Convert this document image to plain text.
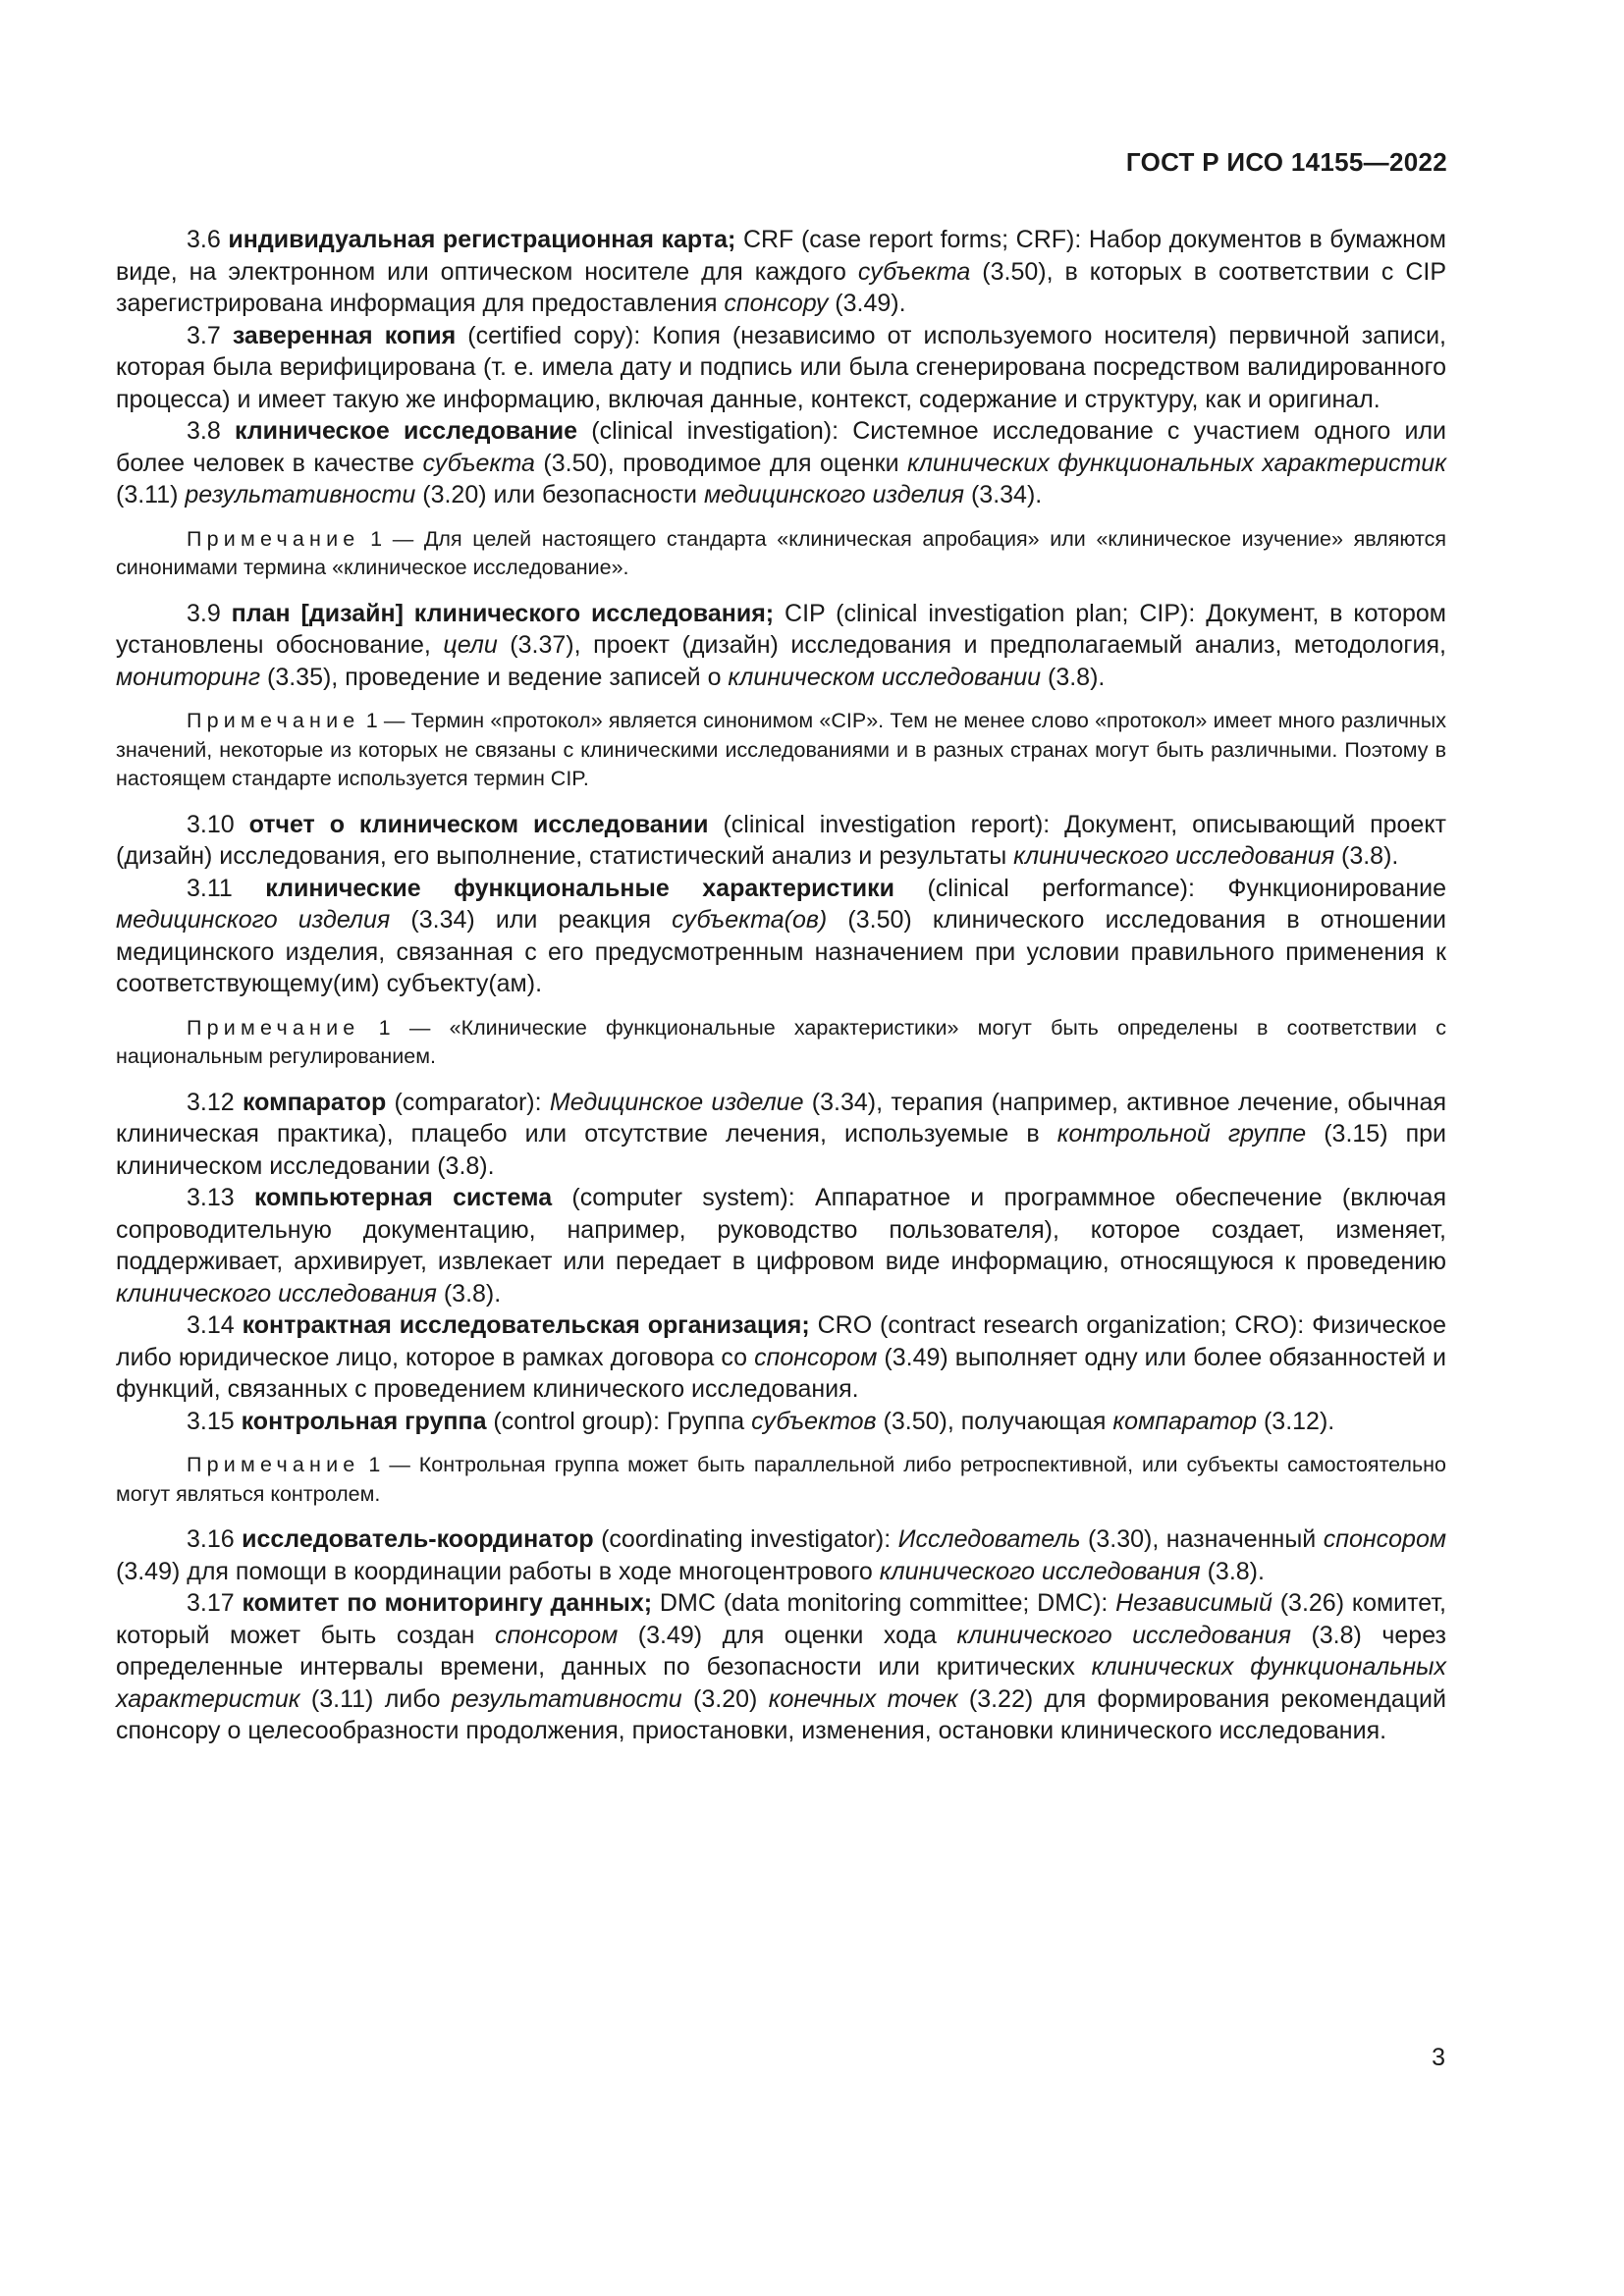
ГОСТ Р ИСО 14155—2022

3.6 индивидуальная регистрационная карта; CRF (case report forms; CRF): Набор документов в бумажном виде, на электронном или оптическом носителе для каждого субъекта (3.50), в которых в соответствии с CIP зарегистрирована информация для предоставления спонсору (3.49).

3.7 заверенная копия (certified copy): Копия (независимо от используемого носителя) первичной записи, которая была верифицирована (т. е. имела дату и подпись или была сгенерирована посредством валидированного процесса) и имеет такую же информацию, включая данные, контекст, содержание и структуру, как и оригинал.

3.8 клиническое исследование (clinical investigation): Системное исследование с участием одного или более человек в качестве субъекта (3.50), проводимое для оценки клинических функциональных характеристик (3.11) результативности (3.20) или безопасности медицинского изделия (3.34).

Примечание 1 — Для целей настоящего стандарта «клиническая апробация» или «клиническое изучение» являются синонимами термина «клиническое исследование».

3.9 план [дизайн] клинического исследования; CIP (clinical investigation plan; CIP): Документ, в котором установлены обоснование, цели (3.37), проект (дизайн) исследования и предполагаемый анализ, методология, мониторинг (3.35), проведение и ведение записей о клиническом исследовании (3.8).

Примечание 1 — Термин «протокол» является синонимом «CIP». Тем не менее слово «протокол» имеет много различных значений, некоторые из которых не связаны с клиническими исследованиями и в разных странах могут быть различными. Поэтому в настоящем стандарте используется термин CIP.

3.10 отчет о клиническом исследовании (clinical investigation report): Документ, описывающий проект (дизайн) исследования, его выполнение, статистический анализ и результаты клинического исследования (3.8).

3.11 клинические функциональные характеристики (clinical performance): Функционирование медицинского изделия (3.34) или реакция субъекта(ов) (3.50) клинического исследования в отношении медицинского изделия, связанная с его предусмотренным назначением при условии правильного применения к соответствующему(им) субъекту(ам).

Примечание 1 — «Клинические функциональные характеристики» могут быть определены в соответствии с национальным регулированием.

3.12 компаратор (comparator): Медицинское изделие (3.34), терапия (например, активное лечение, обычная клиническая практика), плацебо или отсутствие лечения, используемые в контрольной группе (3.15) при клиническом исследовании (3.8).

3.13 компьютерная система (computer system): Аппаратное и программное обеспечение (включая сопроводительную документацию, например, руководство пользователя), которое создает, изменяет, поддерживает, архивирует, извлекает или передает в цифровом виде информацию, относящуюся к проведению клинического исследования (3.8).

3.14 контрактная исследовательская организация; CRO (contract research organization; CRO): Физическое либо юридическое лицо, которое в рамках договора со спонсором (3.49) выполняет одну или более обязанностей и функций, связанных с проведением клинического исследования.

3.15 контрольная группа (control group): Группа субъектов (3.50), получающая компаратор (3.12).

Примечание 1 — Контрольная группа может быть параллельной либо ретроспективной, или субъекты самостоятельно могут являться контролем.

3.16 исследователь-координатор (coordinating investigator): Исследователь (3.30), назначенный спонсором (3.49) для помощи в координации работы в ходе многоцентрового клинического исследования (3.8).

3.17 комитет по мониторингу данных; DMC (data monitoring committee; DMC): Независимый (3.26) комитет, который может быть создан спонсором (3.49) для оценки хода клинического исследования (3.8) через определенные интервалы времени, данных по безопасности или критических клинических функциональных характеристик (3.11) либо результативности (3.20) конечных точек (3.22) для формирования рекомендаций спонсору о целесообразности продолжения, приостановки, изменения, остановки клинического исследования.

3
